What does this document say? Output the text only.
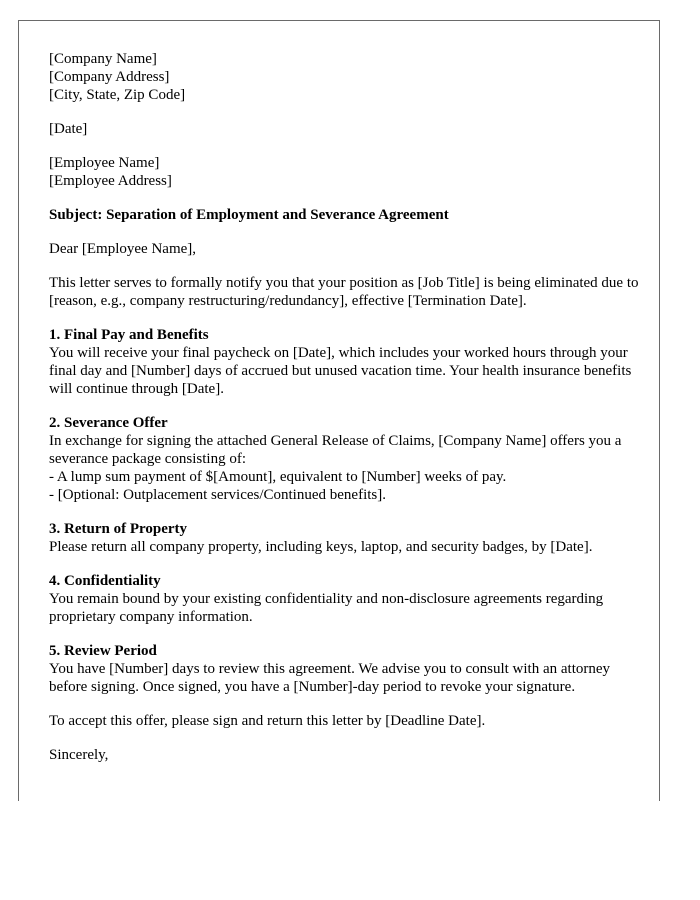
[Company Name]
[Company Address]
[City, State, Zip Code]
[Date]
[Employee Name]
[Employee Address]
Subject: Separation of Employment and Severance Agreement
Dear [Employee Name],

This letter serves to formally notify you that your position as [Job Title] is being eliminated due to [reason, e.g., company restructuring/redundancy], effective [Termination Date].

1. Final Pay and Benefits

You will receive your final paycheck on [Date], which includes your worked hours through your final day and [Number] days of accrued but unused vacation time. Your health insurance benefits will continue through [Date].

2. Severance Offer

In exchange for signing the attached General Release of Claims, [Company Name] offers you a severance package consisting of:

- A lump sum payment of $[Amount], equivalent to [Number] weeks of pay.
- [Optional: Outplacement services/Continued benefits].
3. Return of Property

Please return all company property, including keys, laptop, and security badges, by [Date].

4. Confidentiality

You remain bound by your existing confidentiality and non-disclosure agreements regarding proprietary company information.

5. Review Period

You have [Number] days to review this agreement. We advise you to consult with an attorney before signing. Once signed, you have a [Number]-day period to revoke your signature.

To accept this offer, please sign and return this letter by [Deadline Date].

Sincerely,
